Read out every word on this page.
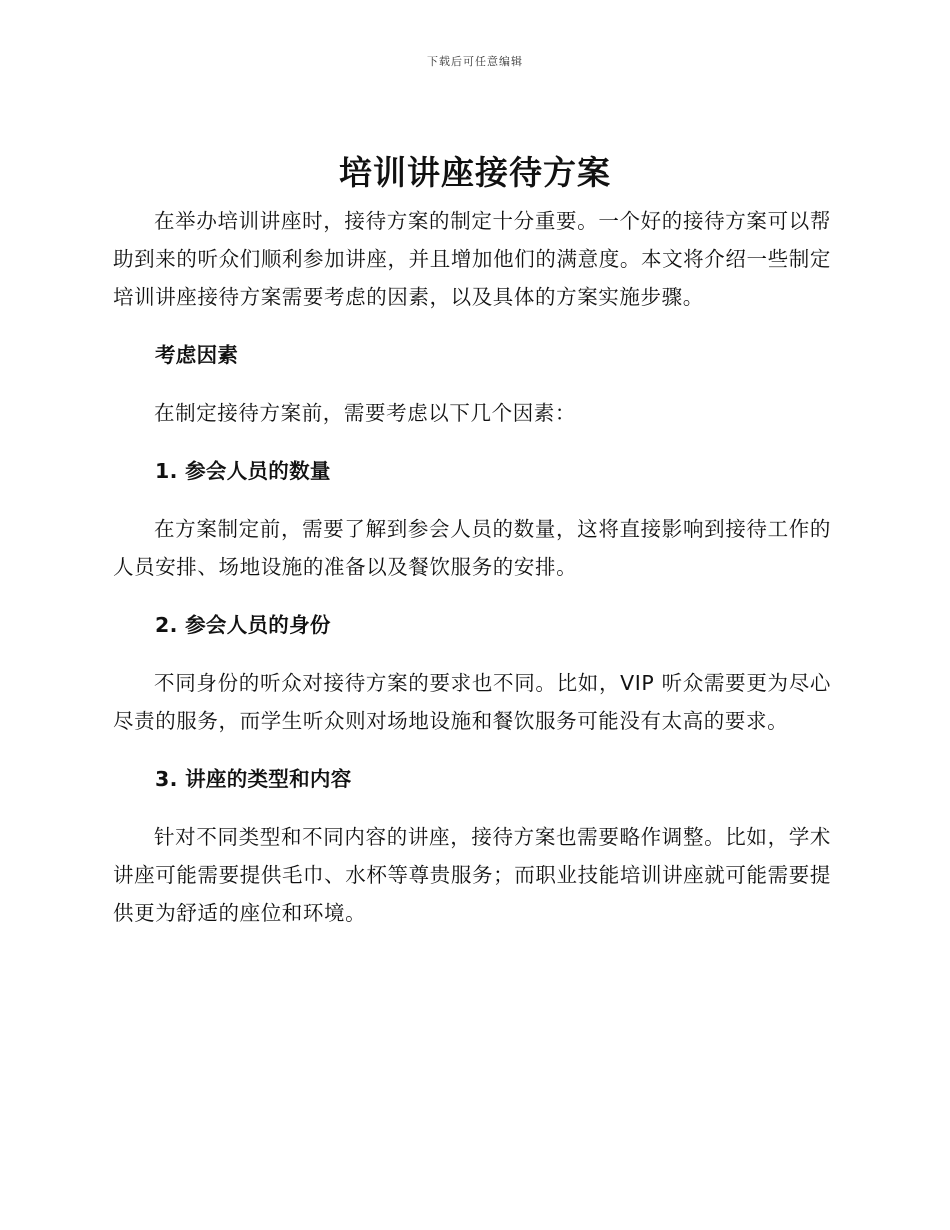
下载后可任意编辑
培训讲座接待方案

在举办培训讲座时，接待方案的制定十分重要。一个好的接待方案可以帮助到来的听众们顺利参加讲座，并且增加他们的满意度。本文将介绍一些制定培训讲座接待方案需要考虑的因素，以及具体的方案实施步骤。

考虑因素

在制定接待方案前，需要考虑以下几个因素：

1. 参会人员的数量

在方案制定前，需要了解到参会人员的数量，这将直接影响到接待工作的人员安排、场地设施的准备以及餐饮服务的安排。

2. 参会人员的身份

不同身份的听众对接待方案的要求也不同。比如，VIP 听众需要更为尽心尽责的服务，而学生听众则对场地设施和餐饮服务可能没有太高的要求。

3. 讲座的类型和内容

针对不同类型和不同内容的讲座，接待方案也需要略作调整。比如，学术讲座可能需要提供毛巾、水杯等尊贵服务；而职业技能培训讲座就可能需要提供更为舒适的座位和环境。
